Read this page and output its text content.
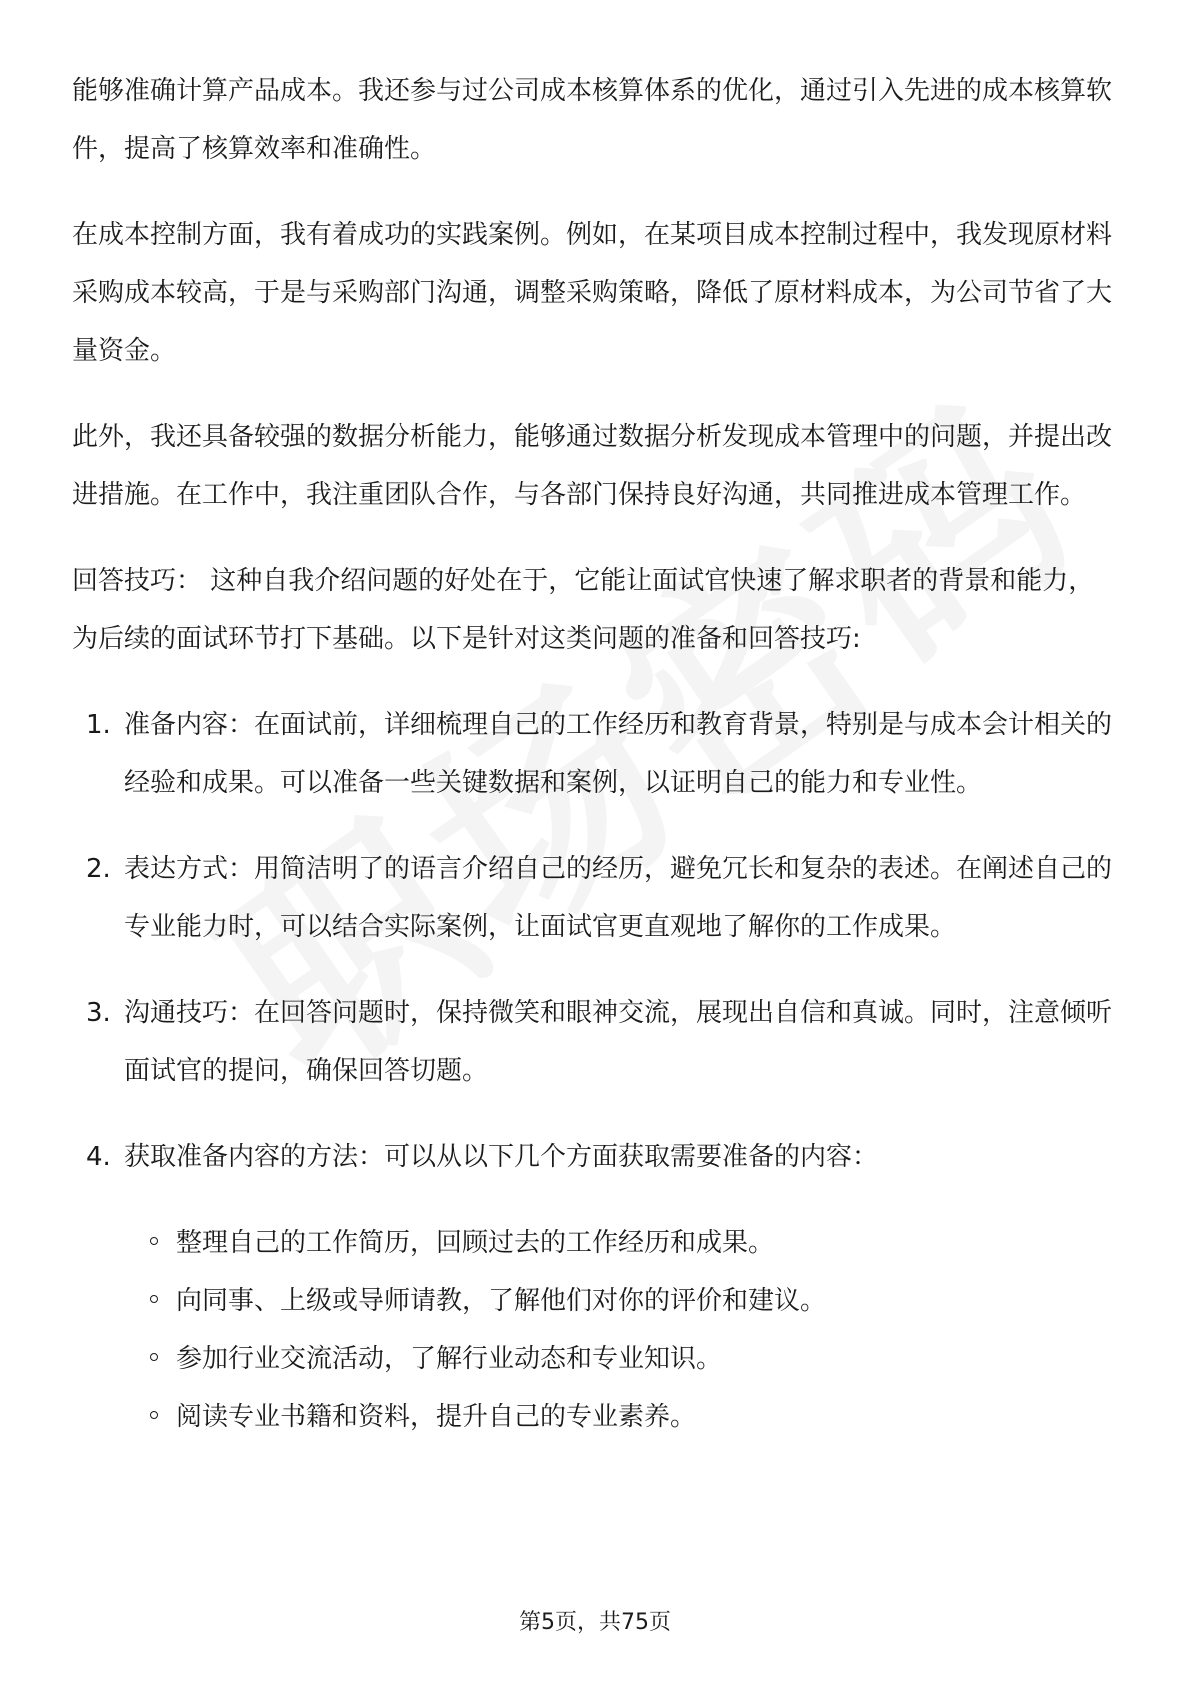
能够准确计算产品成本。我还参与过公司成本核算体系的优化，通过引入先进的成本核算软件，提高了核算效率和准确性。

在成本控制方面，我有着成功的实践案例。例如，在某项目成本控制过程中，我发现原材料采购成本较高，于是与采购部门沟通，调整采购策略，降低了原材料成本，为公司节省了大量资金。

此外，我还具备较强的数据分析能力，能够通过数据分析发现成本管理中的问题，并提出改进措施。在工作中，我注重团队合作，与各部门保持良好沟通，共同推进成本管理工作。

回答技巧： 这种自我介绍问题的好处在于，它能让面试官快速了解求职者的背景和能力，为后续的面试环节打下基础。以下是针对这类问题的准备和回答技巧:

1. 准备内容：在面试前，详细梳理自己的工作经历和教育背景，特别是与成本会计相关的经验和成果。可以准备一些关键数据和案例，以证明自己的能力和专业性。
2. 表达方式：用简洁明了的语言介绍自己的经历，避免冗长和复杂的表述。在阐述自己的专业能力时，可以结合实际案例，让面试官更直观地了解你的工作成果。
3. 沟通技巧：在回答问题时，保持微笑和眼神交流，展现出自信和真诚。同时，注意倾听面试官的提问，确保回答切题。
4. 获取准备内容的方法：可以从以下几个方面获取需要准备的内容：
整理自己的工作简历，回顾过去的工作经历和成果。
向同事、上级或导师请教，了解他们对你的评价和建议。
参加行业交流活动，了解行业动态和专业知识。
阅读专业书籍和资料，提升自己的专业素养。
第5页，共75页
